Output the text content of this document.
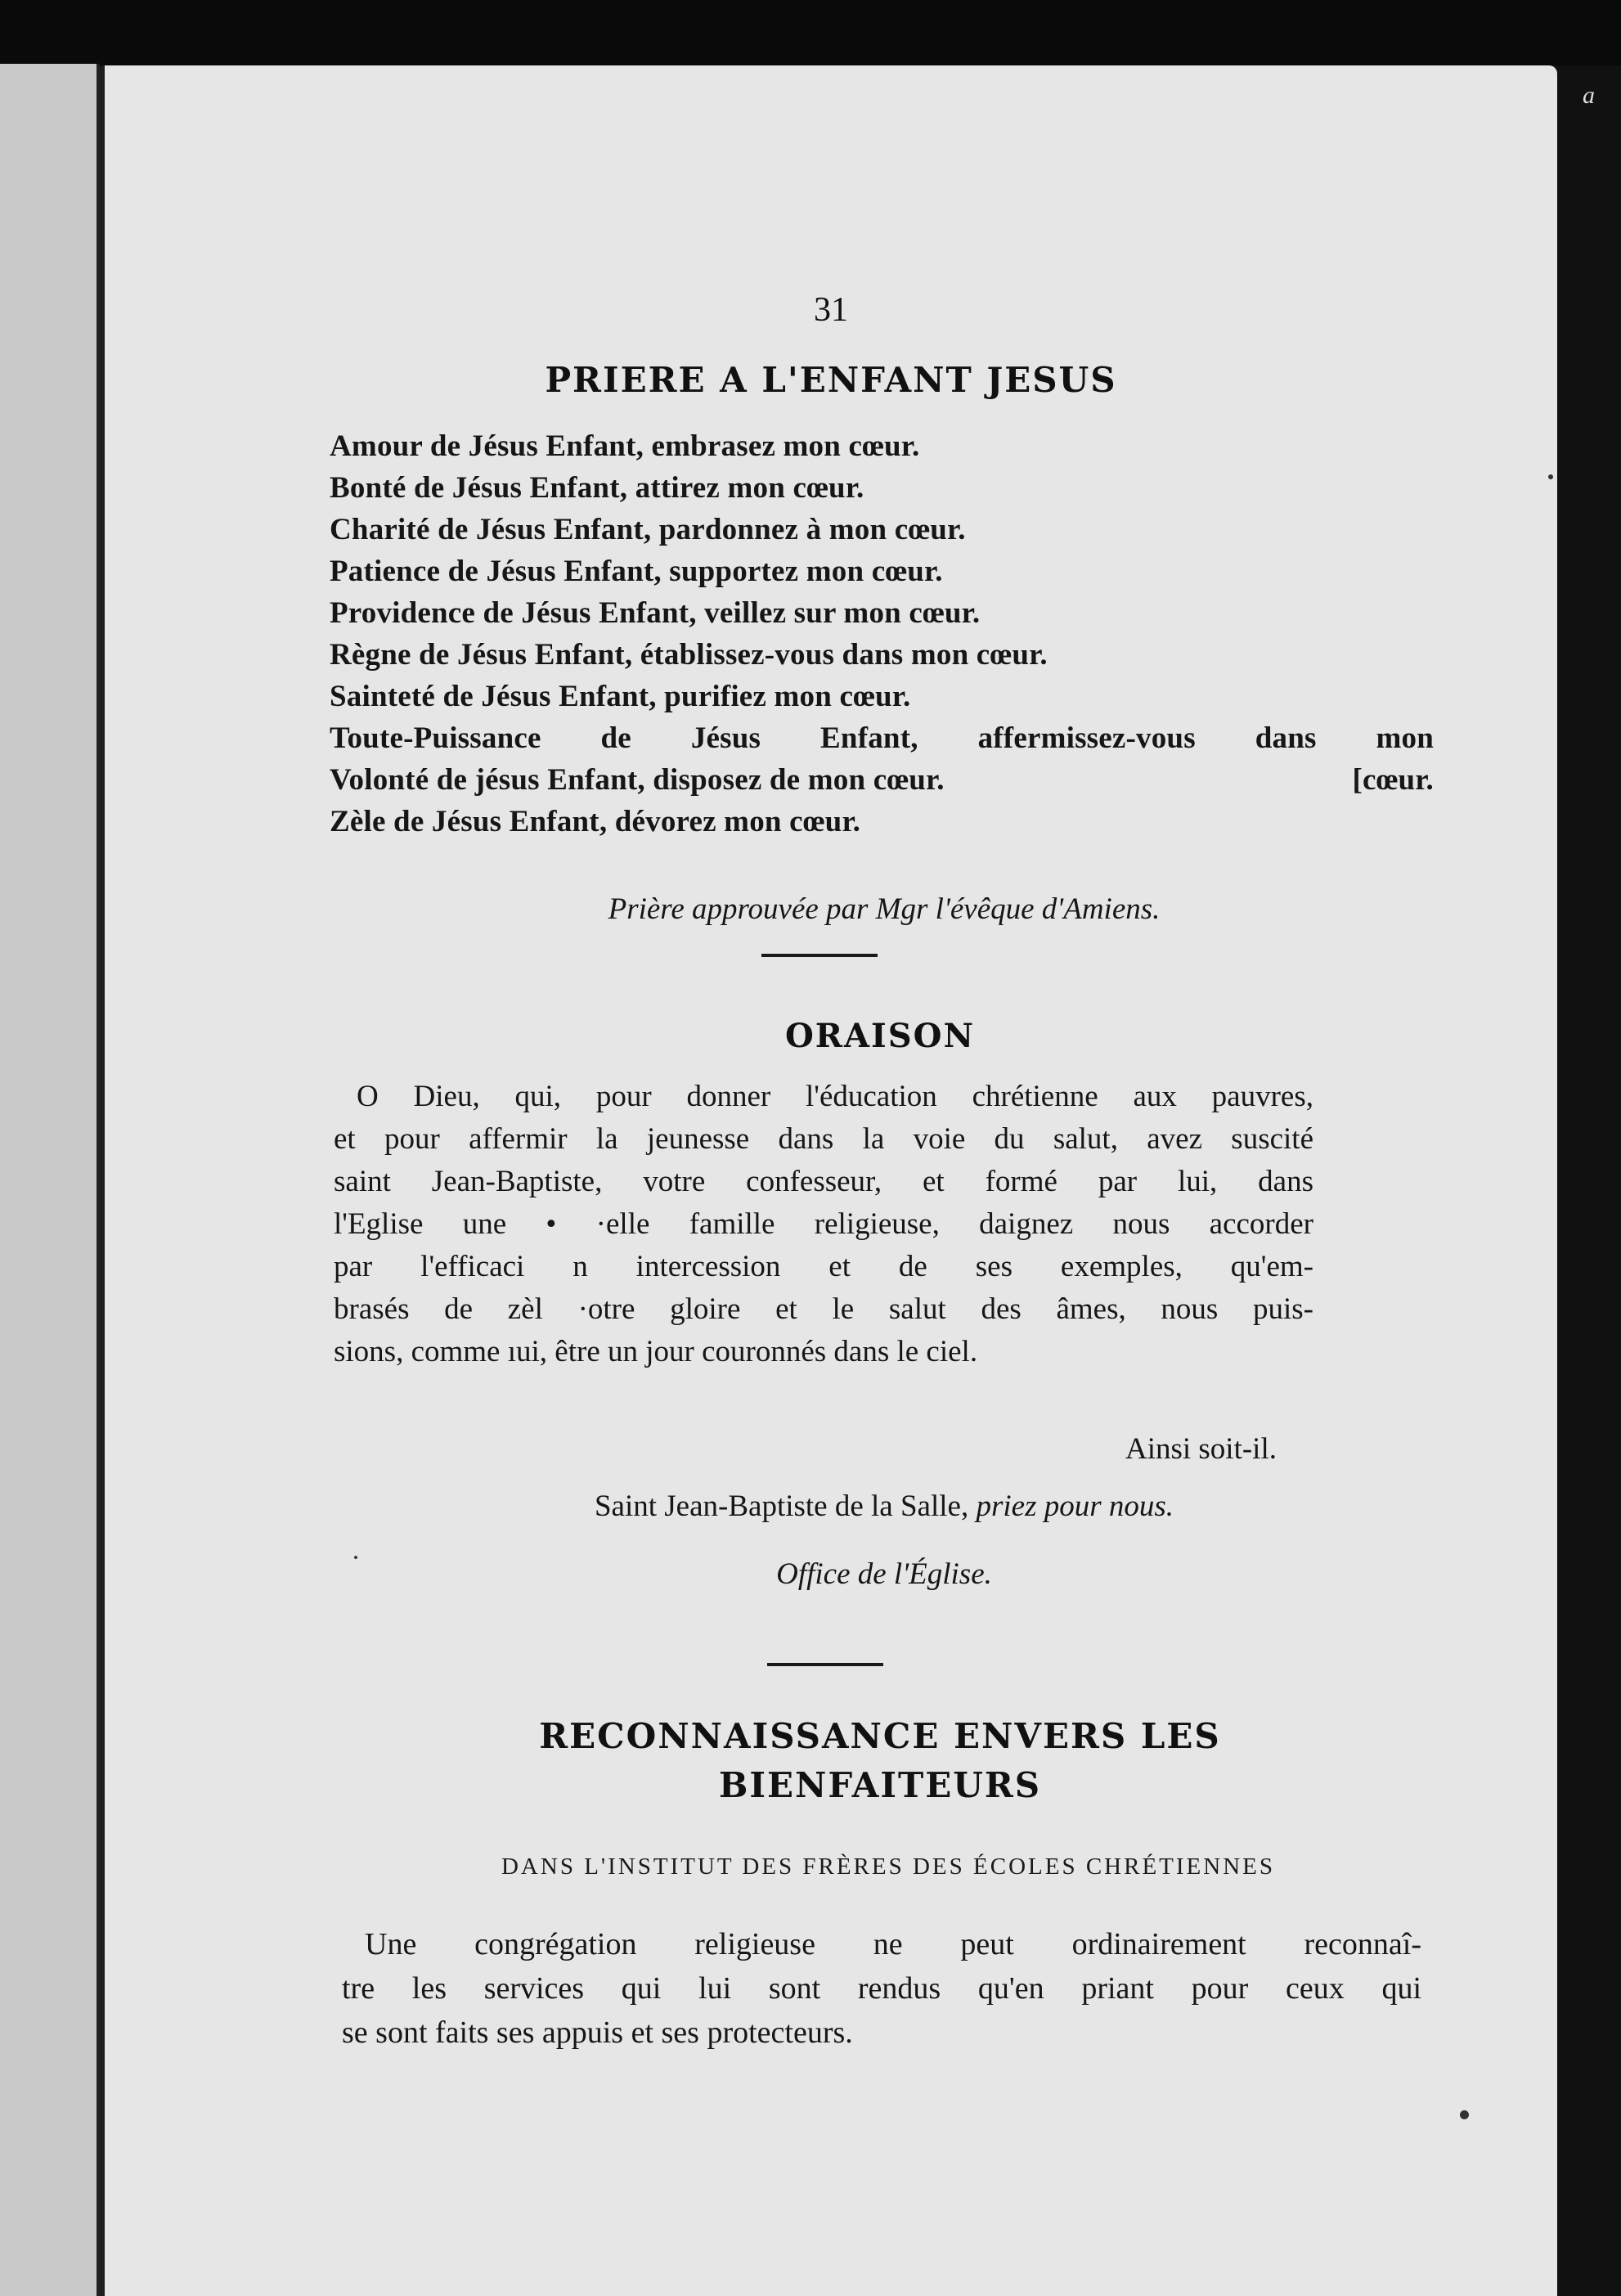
a
31
PRIERE A L'ENFANT JESUS
Amour de Jésus Enfant, embrasez mon cœur.
Bonté de Jésus Enfant, attirez mon cœur.
Charité de Jésus Enfant, pardonnez à mon cœur.
Patience de Jésus Enfant, supportez mon cœur.
Providence de Jésus Enfant, veillez sur mon cœur.
Règne de Jésus Enfant, établissez-vous dans mon cœur.
Sainteté de Jésus Enfant, purifiez mon cœur.
Toute-Puissance de Jésus Enfant, affermissez-vous dans mon
Volonté de jésus Enfant, disposez de mon cœur.	[cœur.
Zèle de Jésus Enfant, dévorez mon cœur.
Prière approuvée par Mgr l'évêque d'Amiens.
ORAISON
O Dieu, qui, pour donner l'éducation chrétienne aux pauvres,
et pour affermir la jeunesse dans la voie du salut, avez suscité
saint Jean-Baptiste, votre confesseur, et formé par lui, dans
l'Eglise une • ·elle famille religieuse, daignez nous accorder
par l'efficaci n intercession et de ses exemples, qu'em-
brasés de zèl ·otre gloire et le salut des âmes, nous puis-
sions, comme ıui, être un jour couronnés dans le ciel.
Ainsi soit-il.
Saint Jean-Baptiste de la Salle, priez pour nous.
Office de l'Église.
RECONNAISSANCE ENVERS LES
BIENFAITEURS
DANS L'INSTITUT DES FRÈRES DES ÉCOLES CHRÉTIENNES
Une congrégation religieuse ne peut ordinairement reconnaî-
tre les services qui lui sont rendus qu'en priant pour ceux qui
se sont faits ses appuis et ses protecteurs.
